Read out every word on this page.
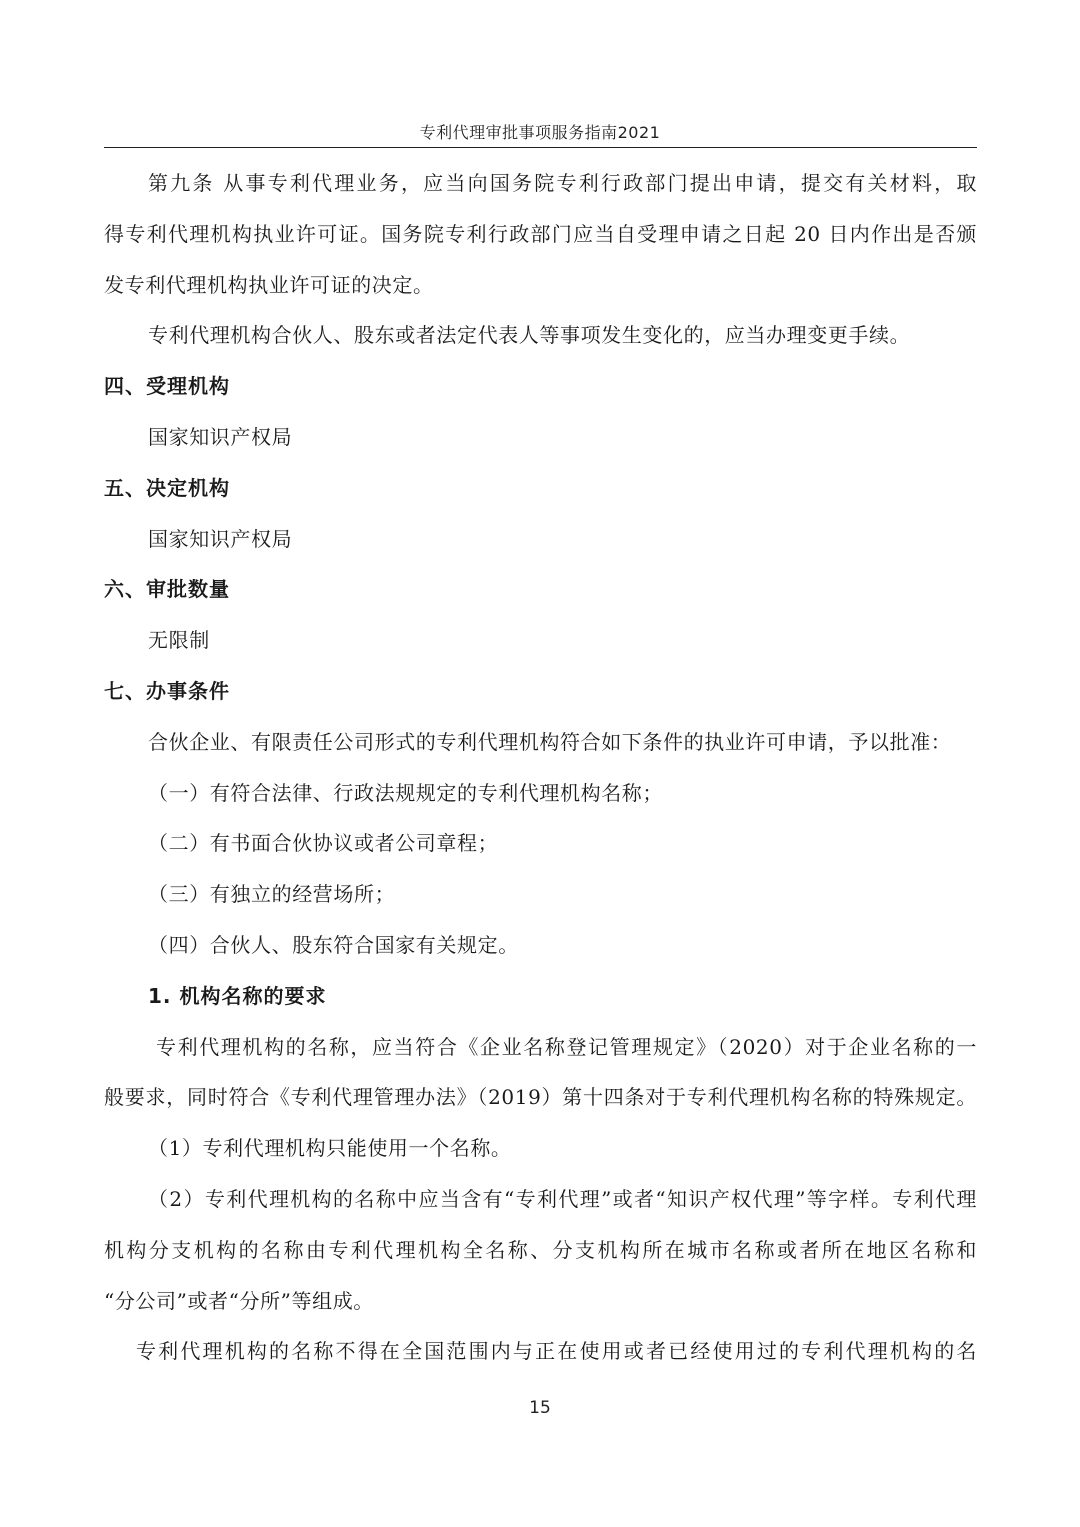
专利代理审批事项服务指南2021
第九条 从事专利代理业务，应当向国务院专利行政部门提出申请，提交有关材料，取
得专利代理机构执业许可证。国务院专利行政部门应当自受理申请之日起 20 日内作出是否颁
发专利代理机构执业许可证的决定。
专利代理机构合伙人、股东或者法定代表人等事项发生变化的，应当办理变更手续。
四、受理机构
国家知识产权局
五、决定机构
国家知识产权局
六、审批数量
无限制
七、办事条件
合伙企业、有限责任公司形式的专利代理机构符合如下条件的执业许可申请，予以批准：
（一）有符合法律、行政法规规定的专利代理机构名称；
（二）有书面合伙协议或者公司章程；
（三）有独立的经营场所；
（四）合伙人、股东符合国家有关规定。
1. 机构名称的要求
专利代理机构的名称，应当符合《企业名称登记管理规定》（2020）对于企业名称的一
般要求，同时符合《专利代理管理办法》（2019）第十四条对于专利代理机构名称的特殊规定。
（1）专利代理机构只能使用一个名称。
（2）专利代理机构的名称中应当含有“专利代理”或者“知识产权代理”等字样。专利代理
机构分支机构的名称由专利代理机构全名称、分支机构所在城市名称或者所在地区名称和
“分公司”或者“分所”等组成。
专利代理机构的名称不得在全国范围内与正在使用或者已经使用过的专利代理机构的名
15
